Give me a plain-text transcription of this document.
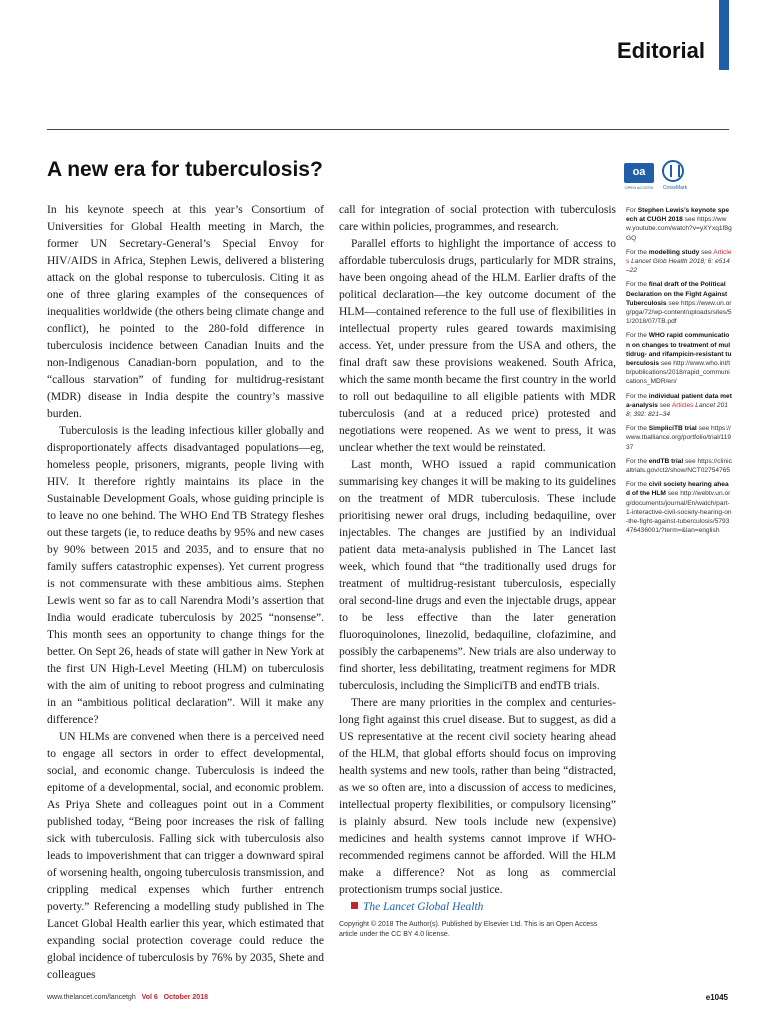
Editorial
A new era for tuberculosis?	oa
OPEN ACCESS	CrossMark

In his keynote speech at this year’s Consortium of Universities for Global Health meeting in March, the former UN Secretary-General’s Special Envoy for HIV/AIDS in Africa, Stephen Lewis, delivered a blistering attack on the global response to tuberculosis. Citing it as one of three glaring examples of the consequences of inequalities worldwide (the others being climate change and conflict), he pointed to the 280-fold difference in tuberculosis incidence between Canadian Inuits and the non-Indigenous Canadian-born population, and to the “callous starvation” of funding for multidrug-resistant (MDR) disease in India despite the country’s massive burden.

Tuberculosis is the leading infectious killer globally and disproportionately affects disadvantaged populations—eg, homeless people, prisoners, migrants, people living with HIV. It therefore rightly maintains its place in the Sustainable Development Goals, whose guiding principle is to leave no one behind. The WHO End TB Strategy fleshes out these targets (ie, to reduce deaths by 95% and new cases by 90% between 2015 and 2035, and to ensure that no family suffers catastrophic expenses). Yet current progress is not commensurate with these ambitious aims. Stephen Lewis went so far as to call Narendra Modi’s assertion that India would eradicate tuberculosis by 2025 “nonsense”. This month sees an opportunity to change things for the better. On Sept 26, heads of state will gather in New York at the first UN High-Level Meeting (HLM) on tuberculosis with the aim of uniting to reboot progress and culminating in an “ambitious political declaration”. Will it make any difference?

UN HLMs are convened when there is a perceived need to engage all sectors in order to effect developmental, social, and economic change. Tuberculosis is indeed the epitome of a developmental, social, and economic problem. As Priya Shete and colleagues point out in a Comment published today, “Being poor increases the risk of falling sick with tuberculosis. Falling sick with tuberculosis also leads to impoverishment that can trigger a downward spiral of worsening health, ongoing tuberculosis transmission, and crippling medical expenses which further entrench poverty.” Referencing a modelling study published in The Lancet Global Health earlier this year, which estimated that expanding social protection coverage could reduce the global incidence of tuberculosis by 76% by 2035, Shete and colleagues

call for integration of social protection with tuberculosis care within policies, programmes, and research.

Parallel efforts to highlight the importance of access to affordable tuberculosis drugs, particularly for MDR strains, have been ongoing ahead of the HLM. Earlier drafts of the political declaration—the key outcome document of the HLM—contained reference to the full use of flexibilities in intellectual property rules geared towards maximising access. Yet, under pressure from the USA and others, the final draft saw these provisions weakened. South Africa, which the same month became the first country in the world to roll out bedaquiline to all eligible patients with MDR tuberculosis (and at a reduced price) protested and negotiations were reopened. As we went to press, it was unclear whether the text would be reinstated.

Last month, WHO issued a rapid communication summarising key changes it will be making to its guidelines on the treatment of MDR tuberculosis. These include prioritising newer oral drugs, including bedaquiline, over injectables. The changes are justified by an individual patient data meta-analysis published in The Lancet last week, which found that “the traditionally used drugs for treatment of multidrug-resistant tuberculosis, especially oral second-line drugs and even the injectable drugs, appear to be less effective than the later generation fluoroquinolones, linezolid, bedaquiline, clofazimine, and possibly the carbapenems”. New trials are also underway to find shorter, less debilitating, treatment regimens for MDR tuberculosis, including the SimpliciTB and endTB trials.

There are many priorities in the complex and centuries-long fight against this cruel disease. But to suggest, as did a US representative at the recent civil society hearing ahead of the HLM, that global efforts should focus on improving health systems and new tools, rather than being “distracted, as we so often are, into a discussion of access to medicines, intellectual property flexibilities, or compulsory licensing” is plainly absurd. New tools include new (expensive) medicines and health systems cannot improve if WHO-recommended regimens cannot be afforded. Will the HLM make a difference? Not as long as commercial protectionism trumps social justice.

The Lancet Global Health

Copyright © 2018 The Author(s). Published by Elsevier Ltd. This is an Open Access article under the CC BY 4.0 license.

For Stephen Lewis’s keynote speech at CUGH 2018 see https://www.youtube.com/watch?v=yXYxq1f8gGQ
For the modelling study see Articles Lancet Glob Health 2018; 6: e514–22
For the final draft of the Political Declaration on the Fight Against Tuberculosis see https://www.un.org/pga/72/wp-content/uploads/sites/51/2018/07/TB.pdf
For the WHO rapid communication on changes to treatment of multidrug- and rifampicin-resistant tuberculosis see http://www.who.int/tb/publications/2018/rapid_communications_MDR/en/
For the individual patient data meta-analysis see Articles Lancet 2018; 392: 821–34
For the SimpliciTB trial see https://www.tballiance.org/portfolio/trial/11937
For the endTB trial see https://clinicaltrials.gov/ct2/show/NCT02754765
For the civil society hearing ahead of the HLM see http://webtv.un.org/documents/journal/En/watch/part-1-interactive-civil-society-hearing-on-the-fight-against-tuberculosis/5793476436001/?term=&lan=english
www.thelancet.com/lancetgh Vol 6 October 2018	e1045
